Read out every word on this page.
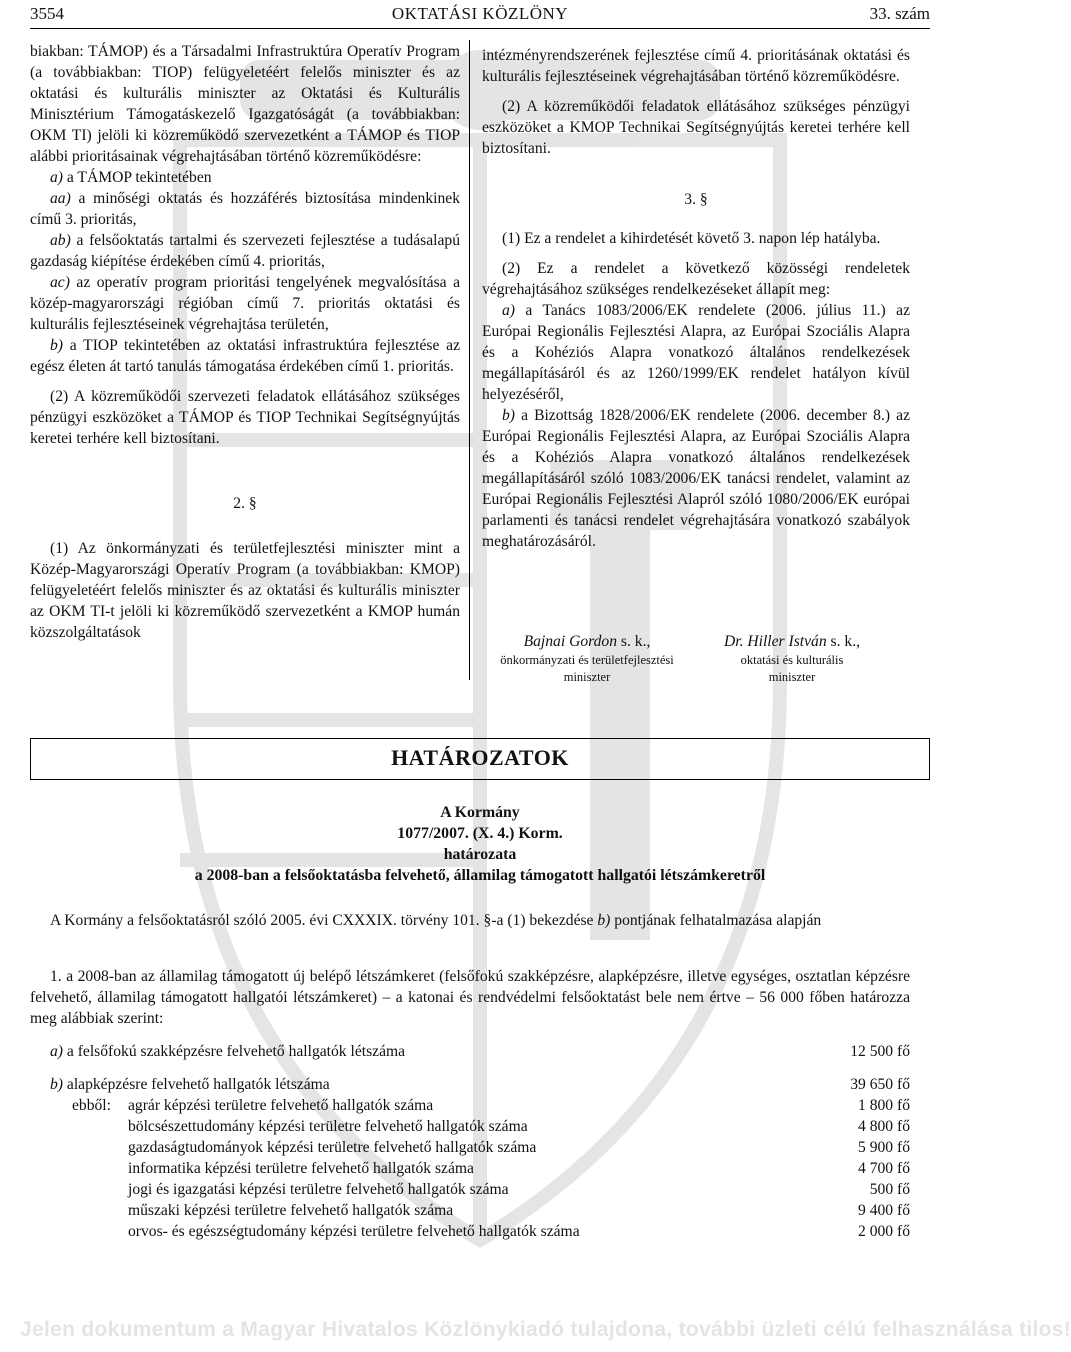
3554	OKTATÁSI KÖZLÖNY	33. szám

biakban: TÁMOP) és a Társadalmi Infrastruktúra Operatív Program (a továbbiakban: TIOP) felügyeletéért felelős miniszter és az oktatási és kulturális miniszter az Oktatási és Kulturális Minisztérium Támogatáskezelő Igazgatóságát (a továbbiakban: OKM TI) jelöli ki közreműködő szervezetként a TÁMOP és TIOP alábbi prioritásainak végrehajtásában történő közreműködésre:

a) a TÁMOP tekintetében

aa) a minőségi oktatás és hozzáférés biztosítása mindenkinek című 3. prioritás,

ab) a felsőoktatás tartalmi és szervezeti fejlesztése a tudásalapú gazdaság kiépítése érdekében című 4. prioritás,

ac) az operatív program prioritási tengelyének megvalósítása a közép-magyarországi régióban című 7. prioritás oktatási és kulturális fejlesztéseinek végrehajtása területén,

b) a TIOP tekintetében az oktatási infrastruktúra fejlesztése az egész életen át tartó tanulás támogatása érdekében című 1. prioritás.

(2) A közreműködői szervezeti feladatok ellátásához szükséges pénzügyi eszközöket a TÁMOP és TIOP Technikai Segítségnyújtás keretei terhére kell biztosítani.

2. §

(1) Az önkormányzati és területfejlesztési miniszter mint a Közép-Magyarországi Operatív Program (a továbbiakban: KMOP) felügyeletéért felelős miniszter és az oktatási és kulturális miniszter az OKM TI-t jelöli ki közreműködő szervezetként a KMOP humán közszolgáltatások

intézményrendszerének fejlesztése című 4. prioritásának oktatási és kulturális fejlesztéseinek végrehajtásában történő közreműködésre.

(2) A közreműködői feladatok ellátásához szükséges pénzügyi eszközöket a KMOP Technikai Segítségnyújtás keretei terhére kell biztosítani.

3. §

(1) Ez a rendelet a kihirdetését követő 3. napon lép hatályba.

(2) Ez a rendelet a következő közösségi rendeletek végrehajtásához szükséges rendelkezéseket állapít meg:

a) a Tanács 1083/2006/EK rendelete (2006. július 11.) az Európai Regionális Fejlesztési Alapra, az Európai Szociális Alapra és a Kohéziós Alapra vonatkozó általános rendelkezések megállapításáról és az 1260/1999/EK rendelet hatályon kívül helyezéséről,

b) a Bizottság 1828/2006/EK rendelete (2006. december 8.) az Európai Regionális Fejlesztési Alapra, az Európai Szociális Alapra és a Kohéziós Alapra vonatkozó általános rendelkezések megállapításáról szóló 1083/2006/EK tanácsi rendelet, valamint az Európai Regionális Fejlesztési Alapról szóló 1080/2006/EK európai parlamenti és tanácsi rendelet végrehajtására vonatkozó szabályok meghatározásáról.

Bajnai Gordon s. k.,
önkormányzati és területfejlesztési
miniszter
Dr. Hiller István s. k.,
oktatási és kulturális
miniszter
HATÁROZATOK
A Kormány
1077/2007. (X. 4.) Korm.
határozata
a 2008-ban a felsőoktatásba felvehető, államilag támogatott hallgatói létszámkeretről
A Kormány a felsőoktatásról szóló 2005. évi CXXXIX. törvény 101. §-a (1) bekezdése b) pontjának felhatalmazása alapján
1. a 2008-ban az államilag támogatott új belépő létszámkeret (felsőfokú szakképzésre, alapképzésre, illetve egységes, osztatlan képzésre felvehető, államilag támogatott hallgatói létszámkeret) – a katonai és rendvédelmi felsőoktatást bele nem értve – 56 000 főben határozza meg alábbiak szerint:
a) a felsőfokú szakképzésre felvehető hallgatók létszáma	12 500 fő
b) alapképzésre felvehető hallgatók létszáma	39 650 fő
ebből: agrár képzési területre felvehető hallgatók száma	1 800 fő
bölcsészettudomány képzési területre felvehető hallgatók száma	4 800 fő
gazdaságtudományok képzési területre felvehető hallgatók száma	5 900 fő
informatika képzési területre felvehető hallgatók száma	4 700 fő
jogi és igazgatási képzési területre felvehető hallgatók száma	500 fő
műszaki képzési területre felvehető hallgatók száma	9 400 fő
orvos- és egészségtudomány képzési területre felvehető hallgatók száma	2 000 fő
Jelen dokumentum a Magyar Hivatalos Közlönykiadó tulajdona, további üzleti célú felhasználása tilos!
